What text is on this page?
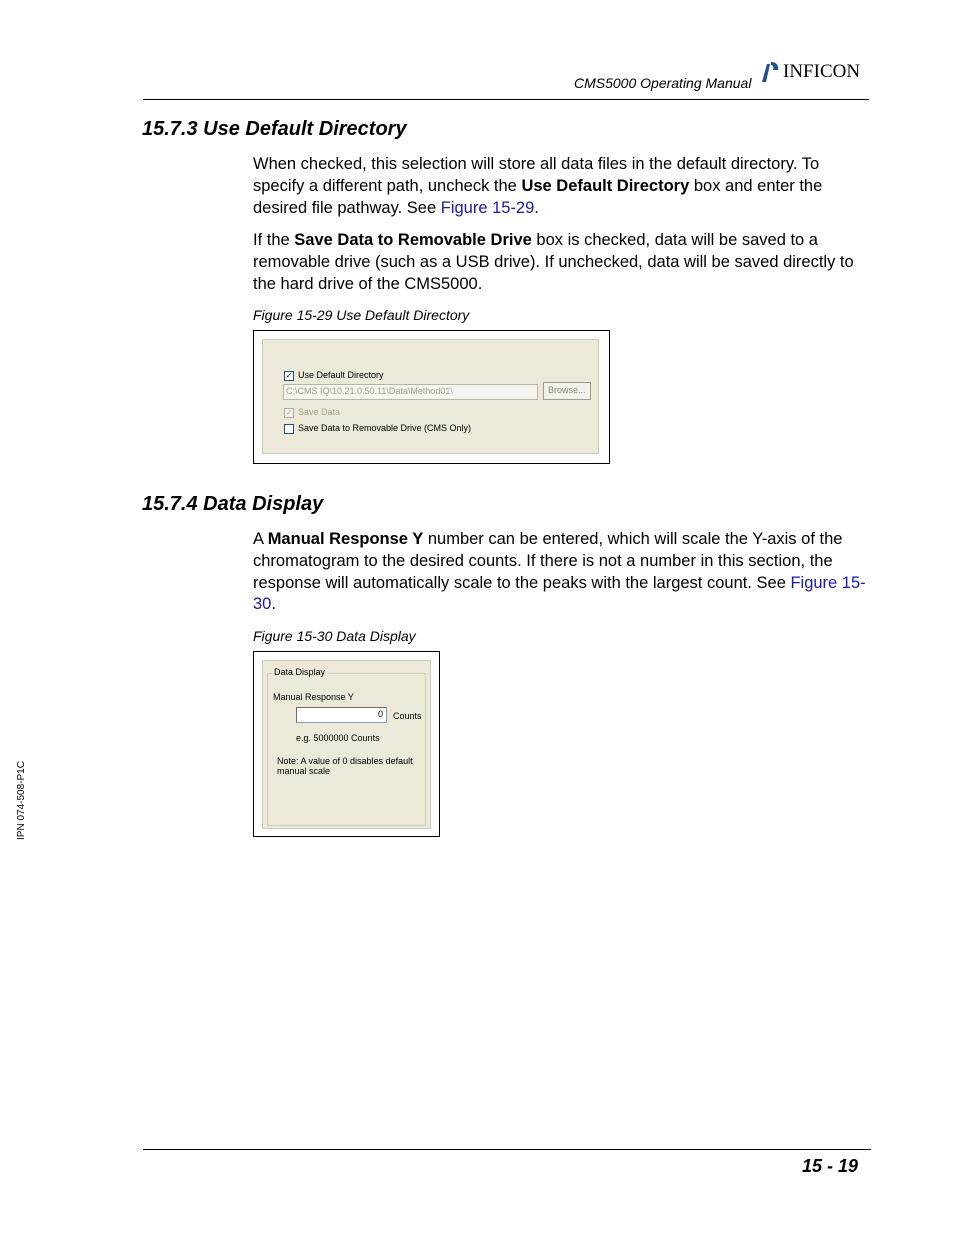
CMS5000 Operating Manual
INFICON
15.7.3 Use Default Directory
When checked, this selection will store all data files in the default directory. To specify a different path, uncheck the Use Default Directory box and enter the desired file pathway. See Figure 15-29.
If the Save Data to Removable Drive box is checked, data will be saved to a removable drive (such as a USB drive). If unchecked, data will be saved directly to the hard drive of the CMS5000.
Figure 15-29 Use Default Directory
✓ Use Default Directory
C:\CMS IQ\10.21.0.50.11\Data\Method01\	Browse...
✓ Save Data
Save Data to Removable Drive (CMS Only)
15.7.4 Data Display
A Manual Response Y number can be entered, which will scale the Y-axis of the chromatogram to the desired counts. If there is not a number in this section, the response will automatically scale to the peaks with the largest count. See Figure 15-30.
Figure 15-30 Data Display
Data Display
Manual Response Y
0 Counts
e.g. 5000000 Counts
Note: A value of 0 disables default
manual scale
IPN 074-508-P1C
15 - 19
